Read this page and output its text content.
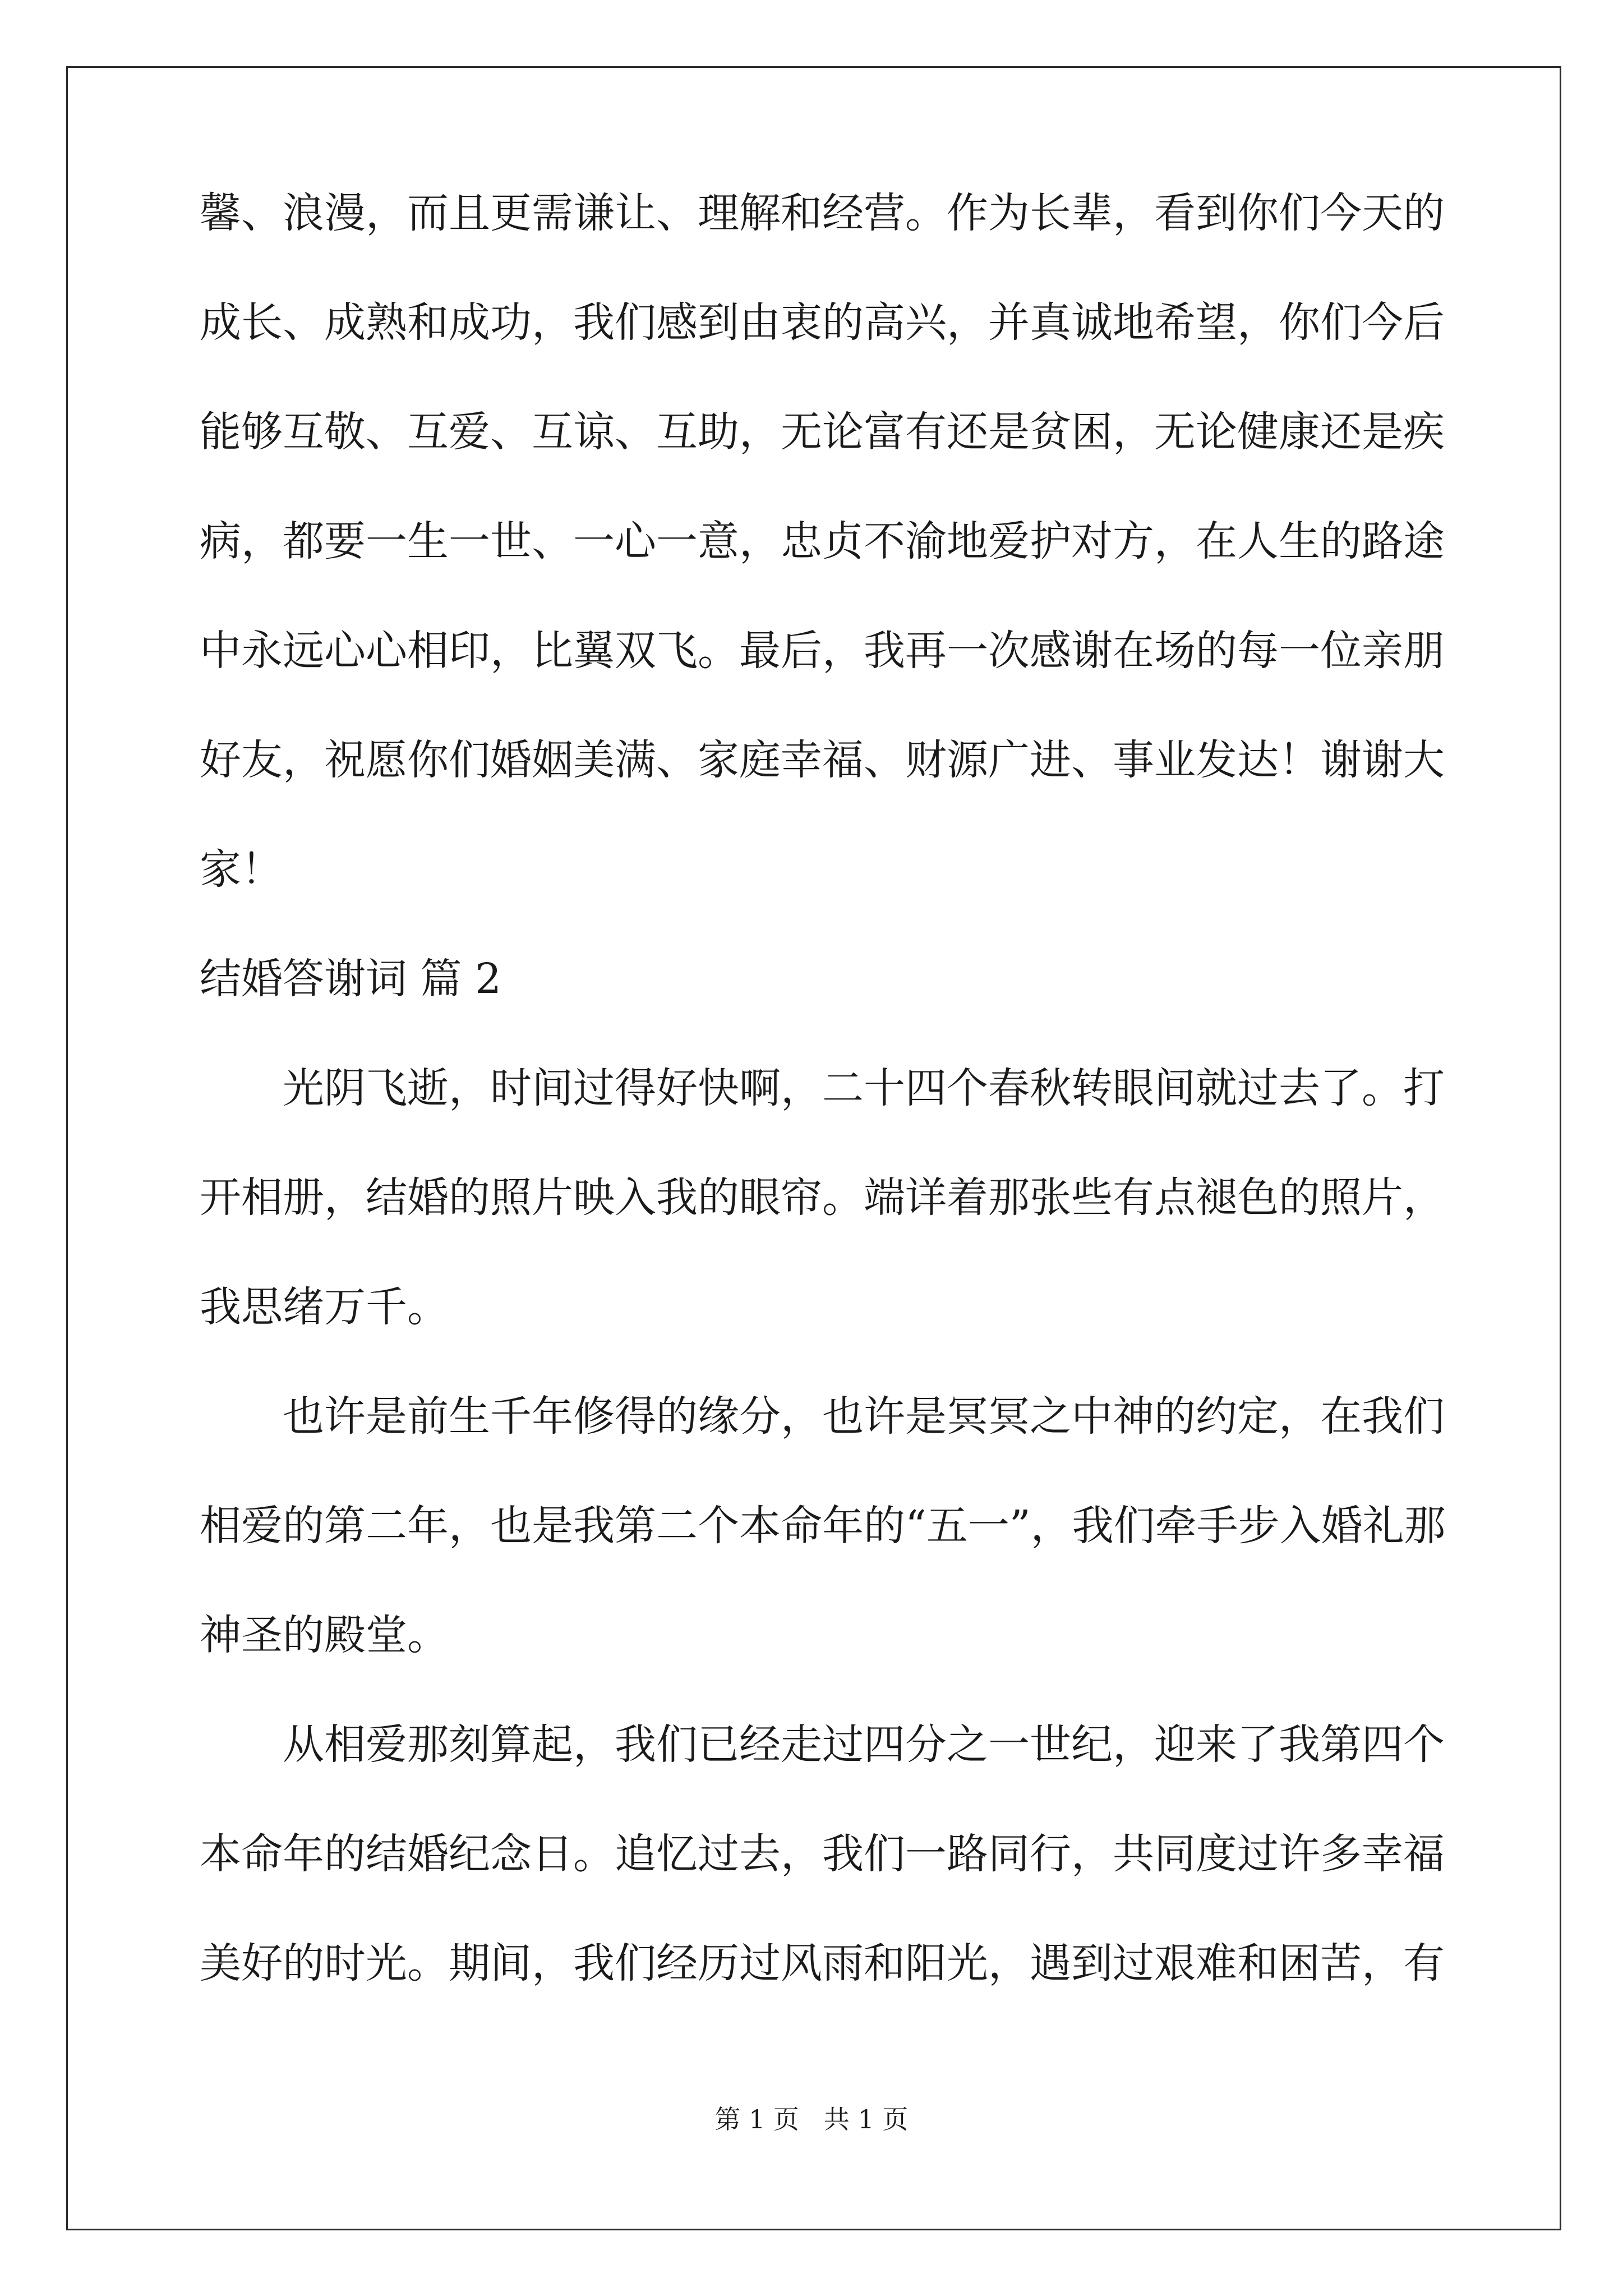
馨、浪漫，而且更需谦让、理解和经营。作为长辈，看到你们今天的
成长、成熟和成功，我们感到由衷的高兴，并真诚地希望，你们今后
能够互敬、互爱、互谅、互助，无论富有还是贫困，无论健康还是疾
病，都要一生一世、一心一意，忠贞不渝地爱护对方，在人生的路途
中永远心心相印，比翼双飞。最后，我再一次感谢在场的每一位亲朋
好友，祝愿你们婚姻美满、家庭幸福、财源广进、事业发达！谢谢大
家！
结婚答谢词 篇 2
光阴飞逝，时间过得好快啊，二十四个春秋转眼间就过去了。打
开相册，结婚的照片映入我的眼帘。端详着那张些有点褪色的照片，
我思绪万千。
也许是前生千年修得的缘分，也许是冥冥之中神的约定，在我们
相爱的第二年，也是我第二个本命年的“五一”，我们牵手步入婚礼那
神圣的殿堂。
从相爱那刻算起，我们已经走过四分之一世纪，迎来了我第四个
本命年的结婚纪念日。追忆过去，我们一路同行，共同度过许多幸福
美好的时光。期间，我们经历过风雨和阳光，遇到过艰难和困苦，有
第 1 页   共 1 页
